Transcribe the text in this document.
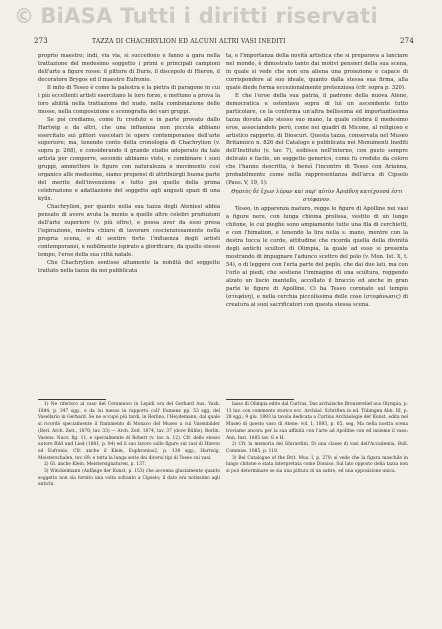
© BiASA Tutti i diritti riservati
273	TAZZA DI CHACHRYLION ED ALCUNI ALTRI VASI INEDITI	274

proprio maestro; indi, via via, si succedono e fanno a gara nella trattazione del medesimo soggetto i primi e principali campioni dell'arte a figure rosse: il pittore di Duris, il discepolo di Hieron, il decoratore Brygos ed il maestro Eufronio.

Il mito di Teseo è come la palestra e la pietra di paragone in cui i più eccellenti artisti esercitano le loro forze, e mettono a prova la loro abilità nella trattazione del nudo, nella combinazione delle mosse, nella composizione e scenografia dei vari gruppi.

Se poi crediamo, come fu creduto e in parte provato dallo Hartwig e da altri, che una influenza non piccola abbiano esercitato sui pittori vascolari le opere contemporanee dell'arte superiore; ma, tenendo conto della cronologia di Chachrylion (v. sopra p. 268), e considerando il grande studio adoperato da tale artista per comporre, secondo abbiamo visto, e combinare i suoi gruppi, ammettere le figure con naturalezza e movimento così organico alle medesime, siamo propensi di attribuirgli buona parte del merito dell'invenzione e tutto poi quello della prima celebrazione e adattazione del soggetto agli angusti spazi di una kylix.

Chachrylion, per quanto nella sua tazza degli Ateniesi abbia pensato di avere avuta la mente a quelle altre celebri produzioni dell'arte superiore (v. più oltre), e possa aver da esso presa l'ispirazione, mostra chiaro di lavorare coscienziosamente nella propria scena, e di sentire forte l'influenza degli artisti contemporanei, e nobilmente ispirato a glorificare, da quello stesso tempo, l'eroe della sua città natale.

Che Chachrylion sentisse altamente la nobiltà del soggetto trattato nella tazza da noi pubblicata

ta, e l'importanza della novità artistica che si preparava a lanciare nel mondo, è dimostrato tanto dai motivi pensieri della sua scena, in quale si vede che non era aliena una proiezione e capace di corrispondere al suo ideale, quanto dalla stessa sua firma, alla quale diede forma eccezionalmente pretenziosa (cfr. sopra p. 320).

E che l'eroe della sua patria, il padrone della nuova Atene, democratica e ostentava sopra di lui un ascendente tutto particolare, ce la conferma un'altra bellissima ed importantissima tazza dovuta allo stesso suo mano, la quale celebra il medesimo eroe, associandolo però, come nei quadri di Micone, al religioso e artistico rapporto, di Dioscuri. Questa tazza, conservata nel Museo Britannico n. 826 del Catalogo e pubblicata nei Monumenti Inediti dell'Instituto (v. tav. 7), esibisce nell'interno, con gusto sempre delicato e facile, un soggetto generico, come fu creduto da coloro che l'hanno descritta, è bensì l'incontro di Teseo con Arianna, probabilmente come nella rappresentanza dell'arca di Cipselo (Paus. V, 19, 1):

Θησεὺς δὲ ἔχων λύραν καὶ παρ' αὐτὸν Ἀριάδνη κατέχουσά ἐστι στέφανον.

Teseo, in apparenza maturo, regge le figure di Apolline nei vasi a figure nere, con lunga chioma prolissa, vestito di un lungo chitone, le cui pieghe sono ampiamente tutte una fila di cerchietti, e con l'himation, e tenendo la lira nella s. mano, mentre con la destra tocca le corde, attitudine che ricorda quella della divinità degli antichi scultori di Olimpia, la quale ad esso si presenta mostrando di impugnare l'adunco scettro del polo (v. Mon. Ist. X, t. 54), o di leggere con l'erta parte del peplo, che dai due lati, ma con l'orlo ai piedi, che sostiene l'immagine di una scultura, reggendo alzato un liscio mantello, accollato il braccio ed anche in gran parte le figure di Apolline. Ci ha Teseo coronato sul tempio (στεφάνη), e nella cerchia piccolissima delle cose (στεφάνωσις) di creatura ai suoi sacrificatori con questa stessa scena.

1) Ne riferisco al vaso del Cerameico in Lepidi ora del Gerhard Aus. Vasb. 1884, p. 347 sgg., e da lui messo in rapporto coll' Eumene pp. 53 sgg. del Vasellario in Gerhard. Se ne occupò più tardi, in Berlino, l'Heydemann, dal quale si ricordò specialmente il frammento di Monaco del Museo a cui Vasenbilder (Berl. Arch. Zeit., 1870, tav. 33) — Arch. Zeit. 1874, tav. 37 (dove Rühle), Berlin. Vasens. Nuov. fig. 11, e specialmente di Robert (v. tav. n. 12). Cfr. dello stesso autore Bild und Lied (1881, p. 84) ed il suo lavoro sulle figure sui vasi di Hieron ed Eufronio. Cfr. anche il Klein, Euphronios2, p. 139 sgg.; Hartwig, Meisterschalen, tav. 69; e tutta la lunga serie dei diversi tipi di Teseo sui vasi.

2) Gl. anche Klein, Meistersignaturen, p. 137.

3) Winckelmann (Anfänge der Kunst, p. 153) che accenna giustamente quanto soggetto non sia fornito una volta soltanto a Cipselo; il dato era notissimo agli antichi.

lasso di Olimpia edito dal Curtius, Das archaische Bronzerelief aus Olympia, p. 13 tav. con commento storico ecc. Archäol. Schriften in ed. Tübingen Abh. III, p. 28 sgg.; 9 giu. 1893 la tavola dedicata a Curtius Archäologie der Kunst, edita nel Museo di questo vaso di Atene: vol. I, 1893, p. 65, seg. Ma nella nostra scena troviamo ancora per la sua affinità con l'arte ad Apolline con ed insieme il vaso: Ann. Inst. 1885 tav. G e H.

2) Cfr. la memoria del Ghirardini, Di una classe di vasi dell'Accademia, Bull. Commiss. 1885, p. 118.

3) Bel Catalogue of the Brit. Mus. I, p. 279: si vede che la figura maschile in lungo chitone e stata interpretata come Dioniso. Sul lato opposto della tazza non si può determinare se sia una pittura di un satiro, ed una opposizione unica.
